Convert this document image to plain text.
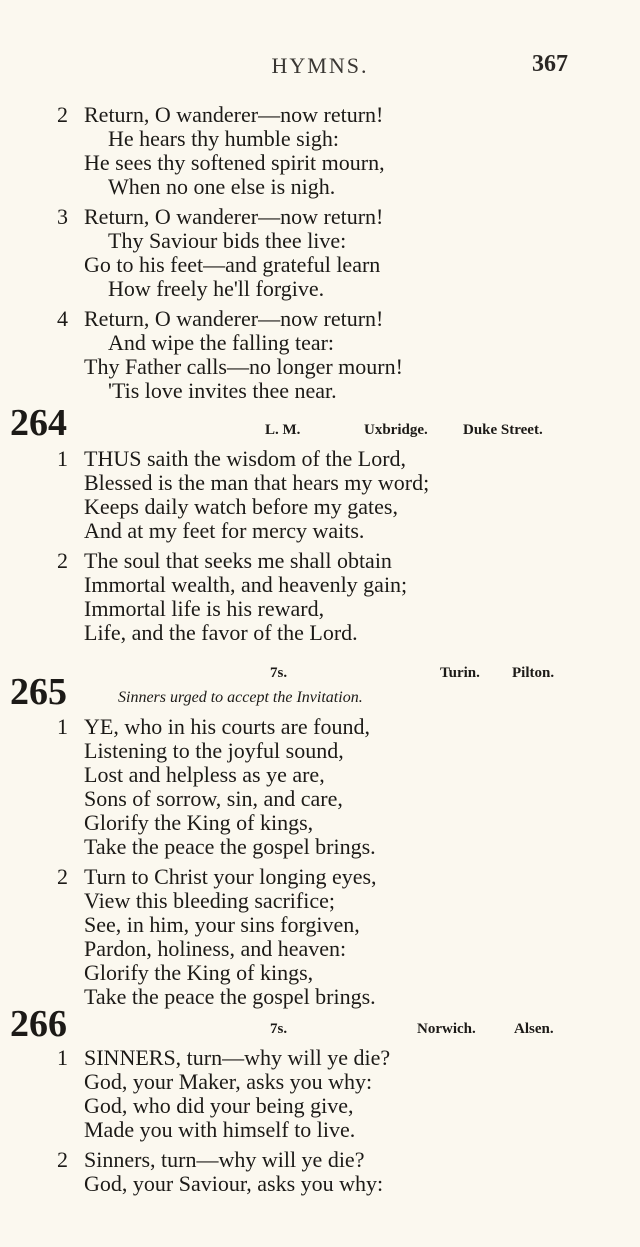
HYMNS.	367
2 Return, O wanderer—now return!
He hears thy humble sigh:
He sees thy softened spirit mourn,
When no one else is nigh.
3 Return, O wanderer—now return!
Thy Saviour bids thee live:
Go to his feet—and grateful learn
How freely he'll forgive.
4 Return, O wanderer—now return!
And wipe the falling tear:
Thy Father calls—no longer mourn!
'Tis love invites thee near.
264	L. M.	Uxbridge. Duke Street.
1 THUS saith the wisdom of the Lord,
Blessed is the man that hears my word;
Keeps daily watch before my gates,
And at my feet for mercy waits.
2 The soul that seeks me shall obtain
Immortal wealth, and heavenly gain;
Immortal life is his reward,
Life, and the favor of the Lord.
7s.	Turin. Pilton.
265	Sinners urged to accept the Invitation.
1 YE, who in his courts are found,
Listening to the joyful sound,
Lost and helpless as ye are,
Sons of sorrow, sin, and care,
Glorify the King of kings,
Take the peace the gospel brings.
2 Turn to Christ your longing eyes,
View this bleeding sacrifice;
See, in him, your sins forgiven,
Pardon, holiness, and heaven:
Glorify the King of kings,
Take the peace the gospel brings.
266	7s.	Norwich.	Alsen.
1 SINNERS, turn—why will ye die?
God, your Maker, asks you why:
God, who did your being give,
Made you with himself to live.
2 Sinners, turn—why will ye die?
God, your Saviour, asks you why:
